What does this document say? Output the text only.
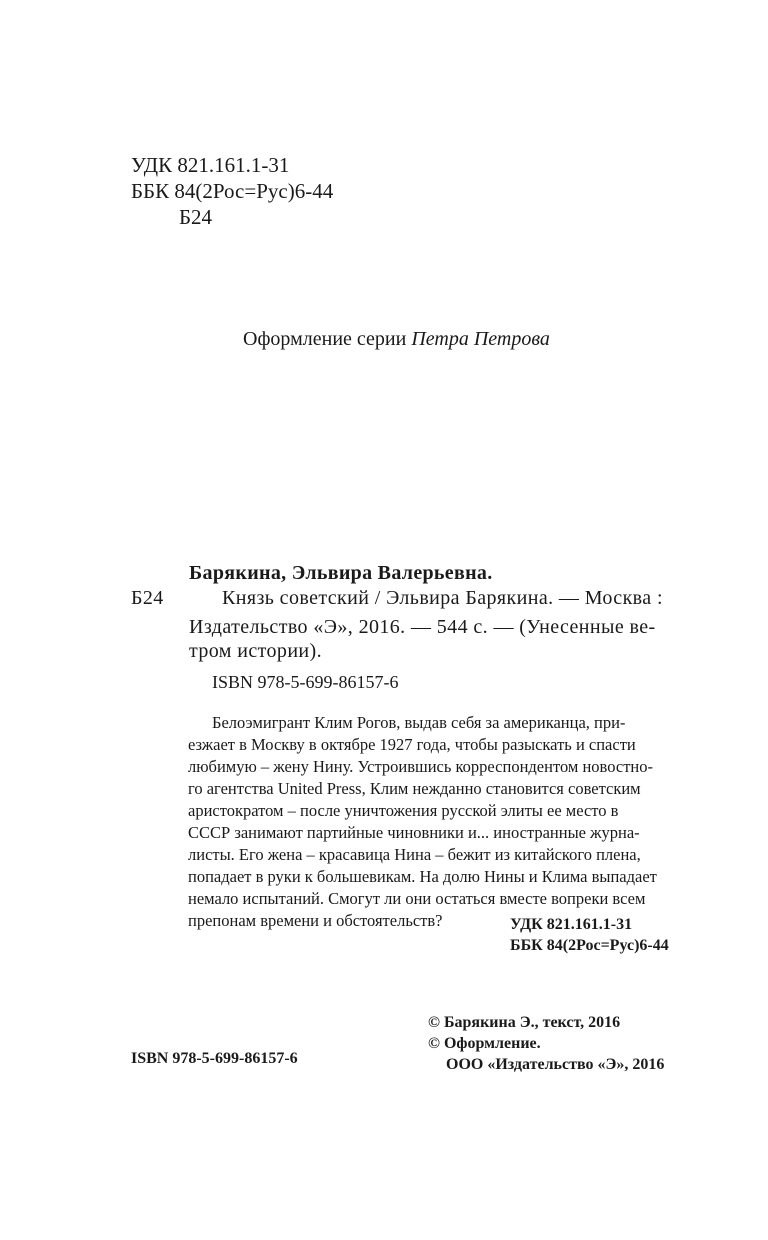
УДК 821.161.1-31
ББК 84(2Рос=Рус)6-44
Б24
Оформление серии Петра Петрова
Барякина, Эльвира Валерьевна.
Б24	Князь советский / Эльвира Барякина. — Москва :
Издательство «Э», 2016. — 544 с. — (Унесенные ве-
тром истории).
ISBN 978-5-699-86157-6
Белоэмигрант Клим Рогов, выдав себя за американца, при-
езжает в Москву в октябре 1927 года, чтобы разыскать и спасти
любимую – жену Нину. Устроившись корреспондентом новостно-
го агентства United Press, Клим нежданно становится советским
аристократом – после уничтожения русской элиты ее место в
СССР занимают партийные чиновники и... иностранные журна-
листы. Его жена – красавица Нина – бежит из китайского плена,
попадает в руки к большевикам. На долю Нины и Клима выпадает
немало испытаний. Смогут ли они остаться вместе вопреки всем
препонам времени и обстоятельств?	УДК 821.161.1-31
ББК 84(2Рос=Рус)6-44
© Барякина Э., текст, 2016
© Оформление.
ООО «Издательство «Э», 2016
ISBN 978-5-699-86157-6
